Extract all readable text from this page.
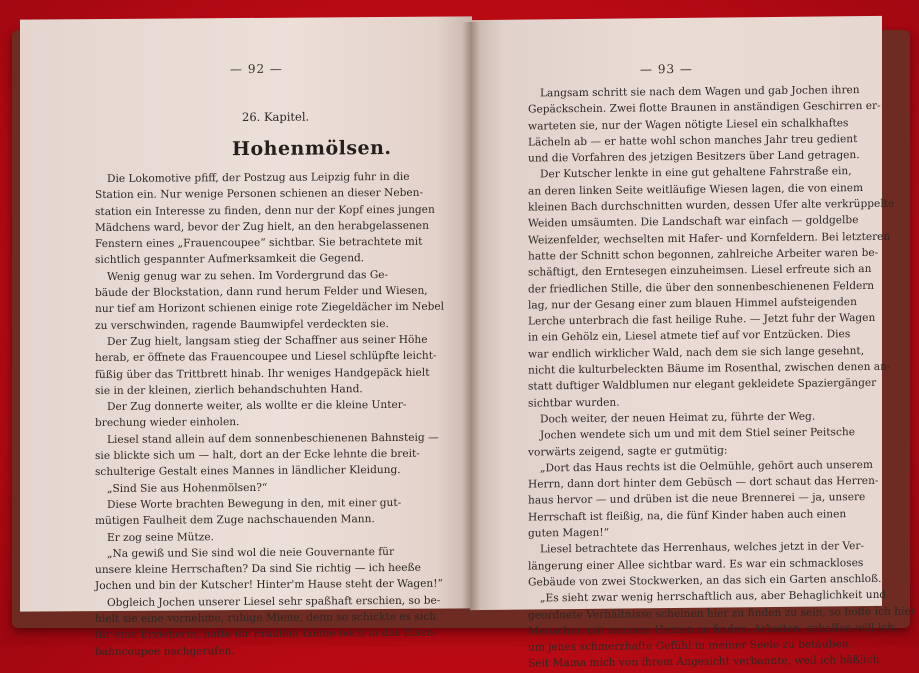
— 92 —
26. Kapitel.
Hohenmölsen.
Die Lokomotive pfiff, der Postzug aus Leipzig fuhr in die
Station ein. Nur wenige Personen schienen an dieser Neben-
station ein Interesse zu finden, denn nur der Kopf eines jungen
Mädchens ward, bevor der Zug hielt, an den herabgelassenen
Fenstern eines „Frauencoupee“ sichtbar. Sie betrachtete mit
sichtlich gespannter Aufmerksamkeit die Gegend.
Wenig genug war zu sehen. Im Vordergrund das Ge-
bäude der Blockstation, dann rund herum Felder und Wiesen,
nur tief am Horizont schienen einige rote Ziegeldächer im Nebel
zu verschwinden, ragende Baumwipfel verdeckten sie.
Der Zug hielt, langsam stieg der Schaffner aus seiner Höhe
herab, er öffnete das Frauencoupee und Liesel schlüpfte leicht-
füßig über das Trittbrett hinab. Ihr weniges Handgepäck hielt
sie in der kleinen, zierlich behandschuhten Hand.
Der Zug donnerte weiter, als wollte er die kleine Unter-
brechung wieder einholen.
Liesel stand allein auf dem sonnenbeschienenen Bahnsteig —
sie blickte sich um — halt, dort an der Ecke lehnte die breit-
schulterige Gestalt eines Mannes in ländlicher Kleidung.
„Sind Sie aus Hohenmölsen?“
Diese Worte brachten Bewegung in den, mit einer gut-
mütigen Faulheit dem Zuge nachschauenden Mann.
Er zog seine Mütze.
„Na gewiß und Sie sind wol die neie Gouvernante für
unsere kleine Herrschaften? Da sind Sie richtig — ich heeße
Jochen und bin der Kutscher! Hinter'm Hause steht der Wagen!“
Obgleich Jochen unserer Liesel sehr spaßhaft erschien, so be-
hielt sie eine vornehme, ruhige Miene, denn so schickte es sich
für eine Erzieherin, hatte ihr Fräulein Löhne noch in das Eisen-
bahncoupee nachgerufen.
— 93 —
Langsam schritt sie nach dem Wagen und gab Jochen ihren
Gepäckschein. Zwei flotte Braunen in anständigen Geschirren er-
warteten sie, nur der Wagen nötigte Liesel ein schalkhaftes
Lächeln ab — er hatte wohl schon manches Jahr treu gedient
und die Vorfahren des jetzigen Besitzers über Land getragen.
Der Kutscher lenkte in eine gut gehaltene Fahrstraße ein,
an deren linken Seite weitläufige Wiesen lagen, die von einem
kleinen Bach durchschnitten wurden, dessen Ufer alte verkrüppelte
Weiden umsäumten. Die Landschaft war einfach — goldgelbe
Weizenfelder, wechselten mit Hafer- und Kornfeldern. Bei letzteren
hatte der Schnitt schon begonnen, zahlreiche Arbeiter waren be-
schäftigt, den Erntesegen einzuheimsen. Liesel erfreute sich an
der friedlichen Stille, die über den sonnenbeschienenen Feldern
lag, nur der Gesang einer zum blauen Himmel aufsteigenden
Lerche unterbrach die fast heilige Ruhe. — Jetzt fuhr der Wagen
in ein Gehölz ein, Liesel atmete tief auf vor Entzücken. Dies
war endlich wirklicher Wald, nach dem sie sich lange gesehnt,
nicht die kulturbeleckten Bäume im Rosenthal, zwischen denen an-
statt duftiger Waldblumen nur elegant gekleidete Spaziergänger
sichtbar wurden.
Doch weiter, der neuen Heimat zu, führte der Weg.
Jochen wendete sich um und mit dem Stiel seiner Peitsche
vorwärts zeigend, sagte er gutmütig:
„Dort das Haus rechts ist die Oelmühle, gehört auch unserem
Herrn, dann dort hinter dem Gebüsch — dort schaut das Herren-
haus hervor — und drüben ist die neue Brennerei — ja, unsere
Herrschaft ist fleißig, na, die fünf Kinder haben auch einen
guten Magen!“
Liesel betrachtete das Herrenhaus, welches jetzt in der Ver-
längerung einer Allee sichtbar ward. Es war ein schmackloses
Gebäude von zwei Stockwerken, an das sich ein Garten anschloß.
„Es sieht zwar wenig herrschaftlich aus, aber Behaglichkeit und
geordnete Verhältnisse scheinen hier zu finden zu sein, so hoffe ich hier
Menschen mit warmen Herzen zu finden. Arbeiten, schaffen will ich,
um jenes schmerzhafte Gefühl in meiner Seele zu betäuben.
Seit Mama mich von ihrem Angesicht verbannte, weil ich häßlich
